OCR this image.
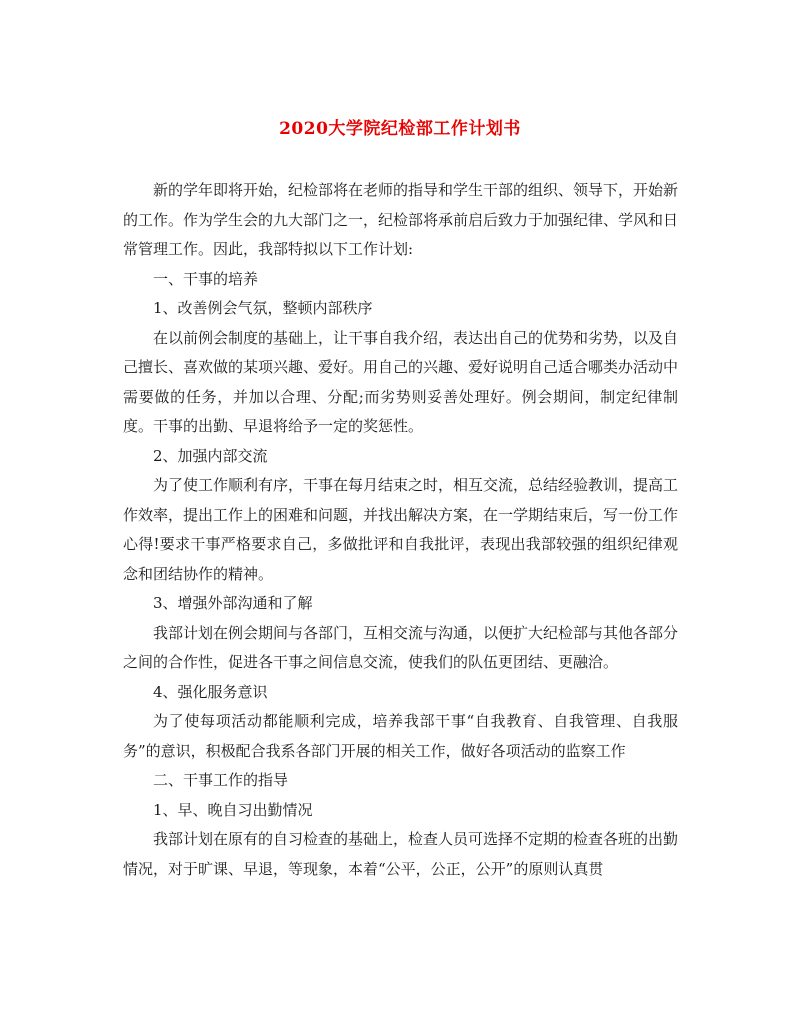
2020大学院纪检部工作计划书

新的学年即将开始，纪检部将在老师的指导和学生干部的组织、领导下，开始新的工作。作为学生会的九大部门之一，纪检部将承前启后致力于加强纪律、学风和日常管理工作。因此，我部特拟以下工作计划:

一、干事的培养

1、改善例会气氛，整顿内部秩序

在以前例会制度的基础上，让干事自我介绍，表达出自己的优势和劣势，以及自己擅长、喜欢做的某项兴趣、爱好。用自己的兴趣、爱好说明自己适合哪类办活动中需要做的任务，并加以合理、分配;而劣势则妥善处理好。例会期间，制定纪律制度。干事的出勤、早退将给予一定的奖惩性。

2、加强内部交流

为了使工作顺利有序，干事在每月结束之时，相互交流，总结经验教训，提高工作效率，提出工作上的困难和问题，并找出解决方案，在一学期结束后，写一份工作心得!要求干事严格要求自己，多做批评和自我批评，表现出我部较强的组织纪律观念和团结协作的精神。

3、增强外部沟通和了解

我部计划在例会期间与各部门，互相交流与沟通，以便扩大纪检部与其他各部分之间的合作性，促进各干事之间信息交流，使我们的队伍更团结、更融洽。

4、强化服务意识

为了使每项活动都能顺利完成，培养我部干事“自我教育、自我管理、自我服务”的意识，积极配合我系各部门开展的相关工作，做好各项活动的监察工作

二、干事工作的指导

1、早、晚自习出勤情况

我部计划在原有的自习检查的基础上，检查人员可选择不定期的检查各班的出勤情况，对于旷课、早退，等现象，本着“公平，公正，公开”的原则认真贯
